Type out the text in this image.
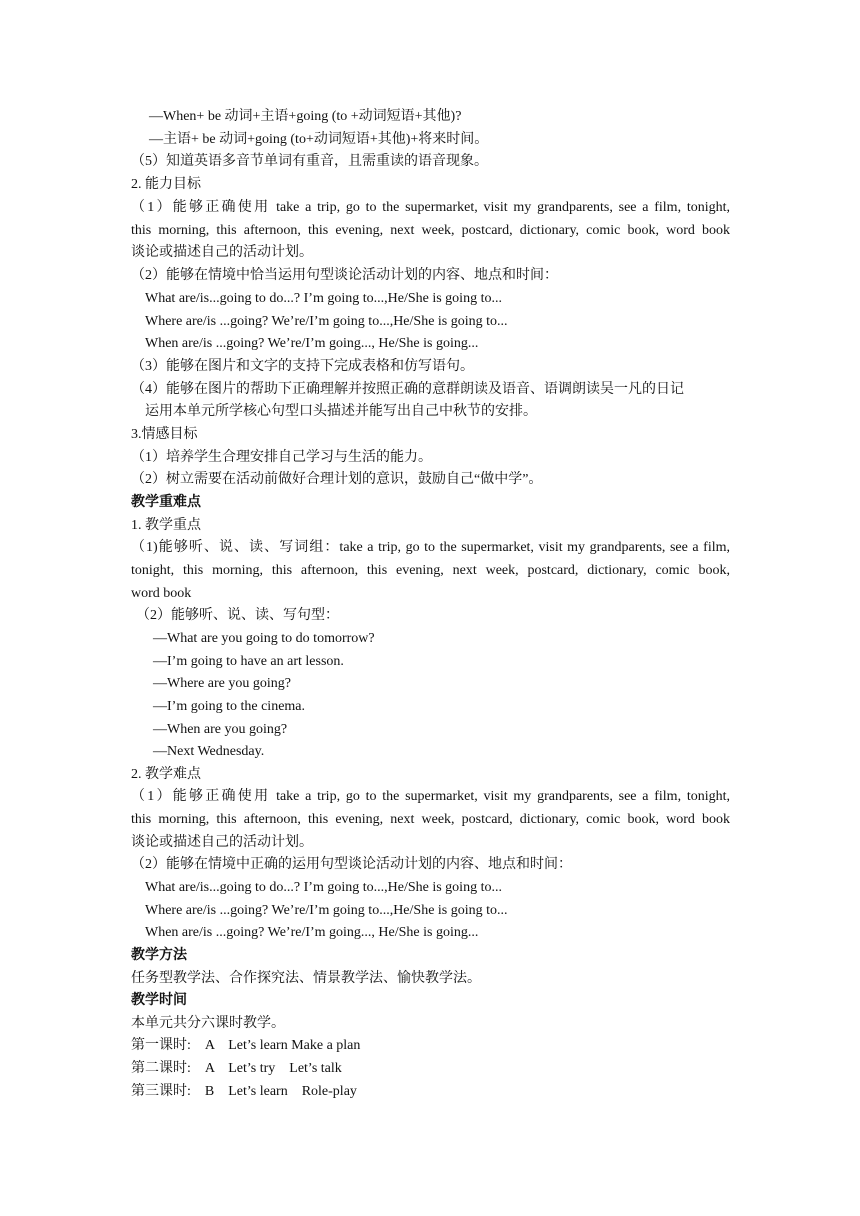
—When+ be 动词+主语+going (to +动词短语+其他)?
—主语+ be 动词+going (to+动词短语+其他)+将来时间。
（5）知道英语多音节单词有重音，且需重读的语音现象。
2. 能力目标
（1）能够正确使用 take a trip, go to the supermarket, visit my grandparents, see a film, tonight,
this morning, this afternoon, this evening, next week, postcard, dictionary, comic book, word book
谈论或描述自己的活动计划。
（2）能够在情境中恰当运用句型谈论活动计划的内容、地点和时间：
What are/is...going to do...? I’m going to...,He/She is going to...
Where are/is ...going? We’re/I’m going to...,He/She is going to...
When are/is ...going? We’re/I’m going..., He/She is going...
（3）能够在图片和文字的支持下完成表格和仿写语句。
（4）能够在图片的帮助下正确理解并按照正确的意群朗读及语音、语调朗读吴一凡的日记
运用本单元所学核心句型口头描述并能写出自己中秋节的安排。
3.情感目标
（1）培养学生合理安排自己学习与生活的能力。
（2）树立需要在活动前做好合理计划的意识，鼓励自己“做中学”。
教学重难点
1. 教学重点
（1)能够听、说、读、写词组：take a trip, go to the supermarket, visit my grandparents, see a film,
tonight, this morning, this afternoon, this evening, next week, postcard, dictionary, comic book,
word book
（2）能够听、说、读、写句型：
—What are you going to do tomorrow?
—I’m going to have an art lesson.
—Where are you going?
—I’m going to the cinema.
—When are you going?
—Next Wednesday.
2. 教学难点
（1）能够正确使用 take a trip, go to the supermarket, visit my grandparents, see a film, tonight,
this morning, this afternoon, this evening, next week, postcard, dictionary, comic book, word book
谈论或描述自己的活动计划。
（2）能够在情境中正确的运用句型谈论活动计划的内容、地点和时间：
What are/is...going to do...? I’m going to...,He/She is going to...
Where are/is ...going? We’re/I’m going to...,He/She is going to...
When are/is ...going? We’re/I’m going..., He/She is going...
教学方法
任务型教学法、合作探究法、情景教学法、愉快教学法。
教学时间
本单元共分六课时教学。
第一课时:    A    Let’s learn Make a plan
第二课时:    A    Let’s try    Let’s talk
第三课时:    B    Let’s learn    Role-play
